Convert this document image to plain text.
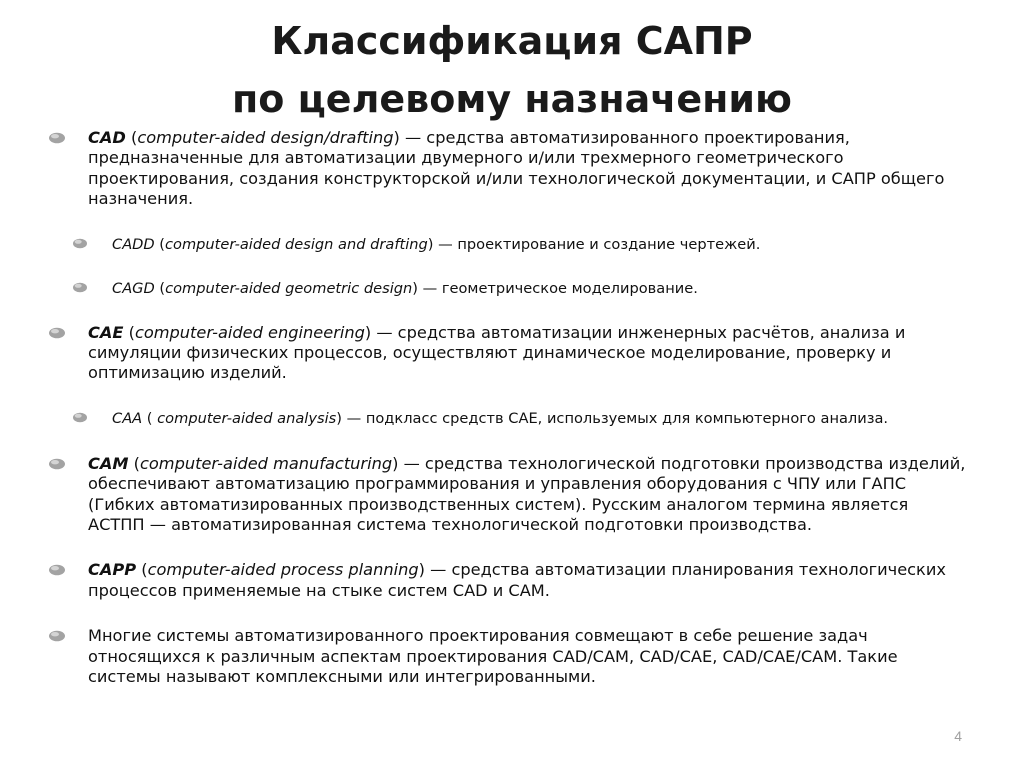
Классификация САПР
по целевому назначению
CAD (computer-aided design/drafting) — средства автоматизированного проектирования, предназначенные для автоматизации двумерного и/или трехмерного геометрического проектирования, создания конструкторской и/или технологической документации, и САПР общего назначения.
CADD (computer-aided design and drafting) — проектирование и создание чертежей.
CAGD (computer-aided geometric design) — геометрическое моделирование.
CAE (computer-aided engineering) — средства автоматизации инженерных расчётов, анализа и симуляции физических процессов, осуществляют динамическое моделирование, проверку и оптимизацию изделий.
CAA ( computer-aided analysis) — подкласс средств CAE, используемых для компьютерного анализа.
CAM (computer-aided manufacturing) — средства технологической подготовки производства изделий, обеспечивают автоматизацию программирования и управления оборудования с ЧПУ или ГАПС (Гибких автоматизированных производственных систем). Русским аналогом термина является АСТПП — автоматизированная система технологической подготовки производства.
CAPP (computer-aided process planning) — средства автоматизации планирования технологических процессов применяемые на стыке систем CAD и CAM.
Многие системы автоматизированного проектирования совмещают в себе решение задач относящихся к различным аспектам проектирования CAD/CAM, CAD/CAE, CAD/CAE/CAM. Такие системы называют комплексными или интегрированными.
4
